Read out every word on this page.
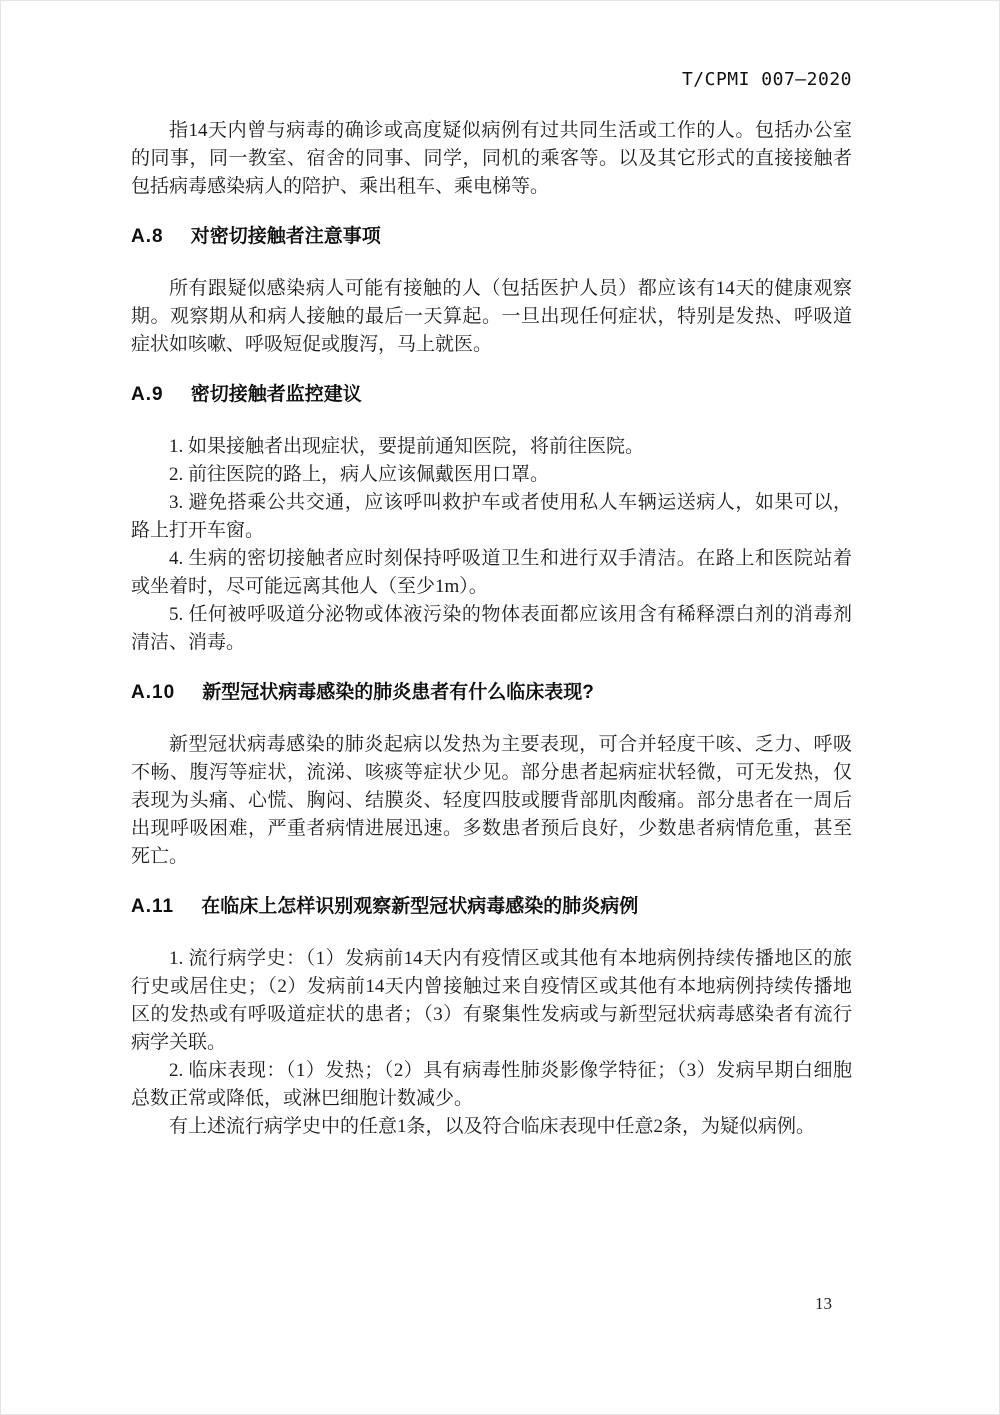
T/CPMI 007—2020

指14天内曾与病毒的确诊或高度疑似病例有过共同生活或工作的人。包括办公室的同事，同一教室、宿舍的同事、同学，同机的乘客等。以及其它形式的直接接触者包括病毒感染病人的陪护、乘出租车、乘电梯等。

A.8 对密切接触者注意事项

所有跟疑似感染病人可能有接触的人（包括医护人员）都应该有14天的健康观察期。观察期从和病人接触的最后一天算起。一旦出现任何症状，特别是发热、呼吸道症状如咳嗽、呼吸短促或腹泻，马上就医。

A.9 密切接触者监控建议

1. 如果接触者出现症状，要提前通知医院，将前往医院。

2. 前往医院的路上，病人应该佩戴医用口罩。

3. 避免搭乘公共交通，应该呼叫救护车或者使用私人车辆运送病人，如果可以，路上打开车窗。

4. 生病的密切接触者应时刻保持呼吸道卫生和进行双手清洁。在路上和医院站着或坐着时，尽可能远离其他人（至少1m）。

5. 任何被呼吸道分泌物或体液污染的物体表面都应该用含有稀释漂白剂的消毒剂清洁、消毒。

A.10 新型冠状病毒感染的肺炎患者有什么临床表现?

新型冠状病毒感染的肺炎起病以发热为主要表现，可合并轻度干咳、乏力、呼吸不畅、腹泻等症状，流涕、咳痰等症状少见。部分患者起病症状轻微，可无发热，仅表现为头痛、心慌、胸闷、结膜炎、轻度四肢或腰背部肌肉酸痛。部分患者在一周后出现呼吸困难，严重者病情进展迅速。多数患者预后良好，少数患者病情危重，甚至死亡。

A.11 在临床上怎样识别观察新型冠状病毒感染的肺炎病例

1. 流行病学史：（1）发病前14天内有疫情区或其他有本地病例持续传播地区的旅行史或居住史；（2）发病前14天内曾接触过来自疫情区或其他有本地病例持续传播地区的发热或有呼吸道症状的患者；（3）有聚集性发病或与新型冠状病毒感染者有流行病学关联。

2. 临床表现：（1）发热；（2）具有病毒性肺炎影像学特征；（3）发病早期白细胞总数正常或降低，或淋巴细胞计数减少。

有上述流行病学史中的任意1条，以及符合临床表现中任意2条，为疑似病例。

13
